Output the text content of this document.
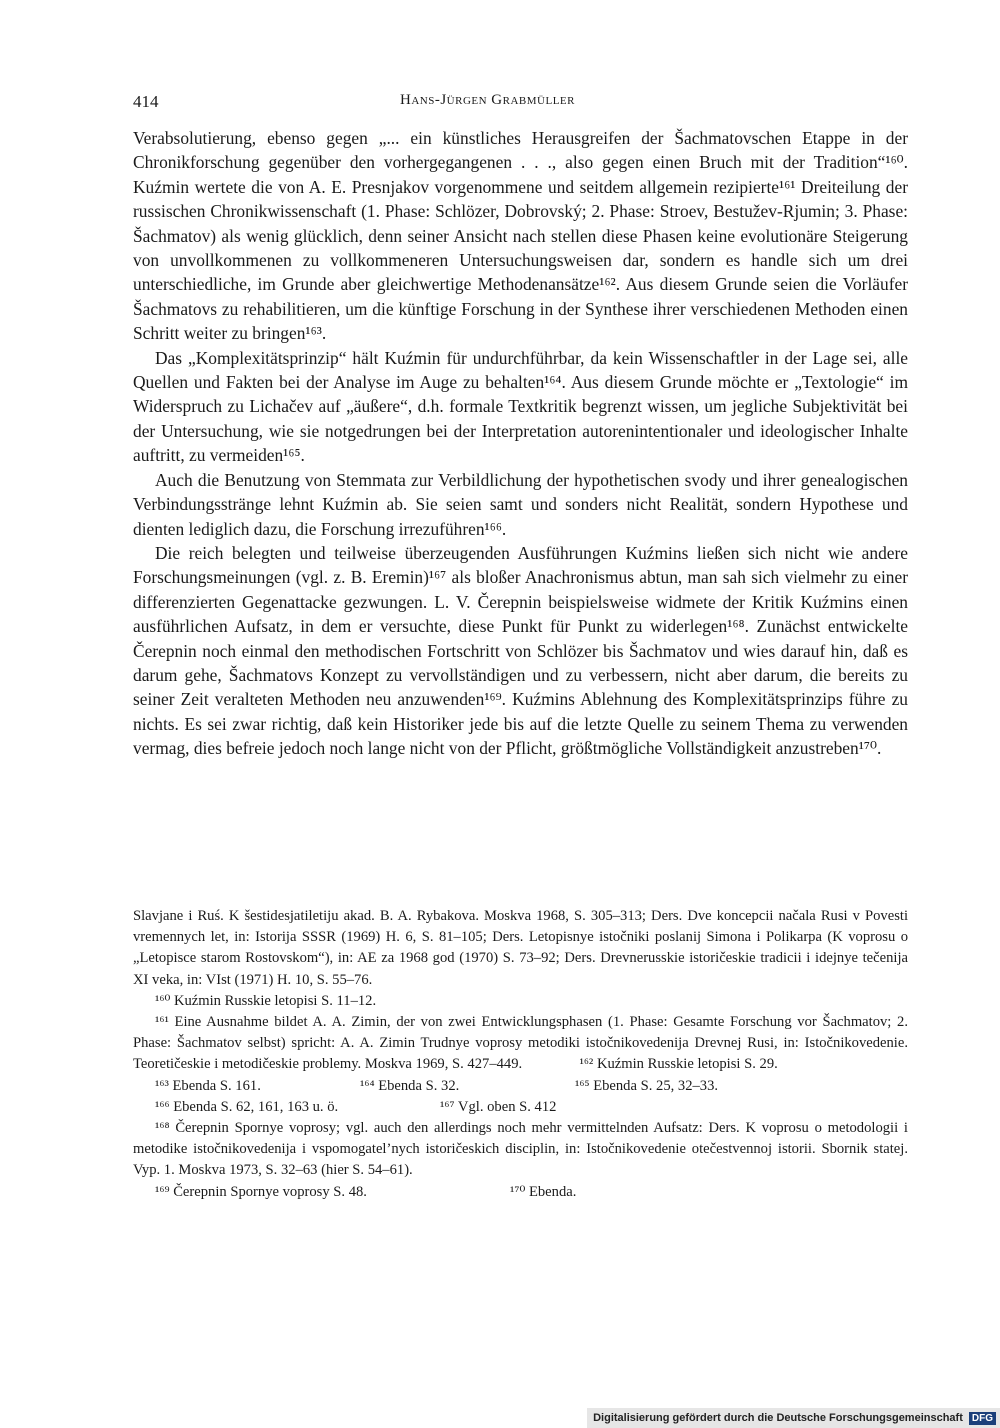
414	Hans-Jürgen Grabmüller

Verabsolutierung, ebenso gegen „... ein künstliches Herausgreifen der Šachmatovschen Etappe in der Chronikforschung gegenüber den vorhergegangenen . . ., also gegen einen Bruch mit der Tradition“¹⁶⁰. Kuźmin wertete die von A. E. Presnjakov vorgenommene und seitdem allgemein rezipierte¹⁶¹ Dreiteilung der russischen Chronikwissenschaft (1. Phase: Schlözer, Dobrovský; 2. Phase: Stroev, Bestužev-Rjumin; 3. Phase: Šachmatov) als wenig glücklich, denn seiner Ansicht nach stellen diese Phasen keine evolutionäre Steigerung von unvollkommenen zu vollkommeneren Untersuchungsweisen dar, sondern es handle sich um drei unterschiedliche, im Grunde aber gleichwertige Methodenansätze¹⁶². Aus diesem Grunde seien die Vorläufer Šachmatovs zu rehabilitieren, um die künftige Forschung in der Synthese ihrer verschiedenen Methoden einen Schritt weiter zu bringen¹⁶³.

Das „Komplexitätsprinzip“ hält Kuźmin für undurchführbar, da kein Wissenschaftler in der Lage sei, alle Quellen und Fakten bei der Analyse im Auge zu behalten¹⁶⁴. Aus diesem Grunde möchte er „Textologie“ im Widerspruch zu Lichačev auf „äußere“, d.h. formale Textkritik begrenzt wissen, um jegliche Subjektivität bei der Untersuchung, wie sie notgedrungen bei der Interpretation autorenintentionaler und ideologischer Inhalte auftritt, zu vermeiden¹⁶⁵.

Auch die Benutzung von Stemmata zur Verbildlichung der hypothetischen svody und ihrer genealogischen Verbindungsstränge lehnt Kuźmin ab. Sie seien samt und sonders nicht Realität, sondern Hypothese und dienten lediglich dazu, die Forschung irrezuführen¹⁶⁶.

Die reich belegten und teilweise überzeugenden Ausführungen Kuźmins ließen sich nicht wie andere Forschungsmeinungen (vgl. z. B. Eremin)¹⁶⁷ als bloßer Anachronismus abtun, man sah sich vielmehr zu einer differenzierten Gegenattacke gezwungen. L. V. Čerepnin beispielsweise widmete der Kritik Kuźmins einen ausführlichen Aufsatz, in dem er versuchte, diese Punkt für Punkt zu widerlegen¹⁶⁸. Zunächst entwickelte Čerepnin noch einmal den methodischen Fortschritt von Schlözer bis Šachmatov und wies darauf hin, daß es darum gehe, Šachmatovs Konzept zu vervollständigen und zu verbessern, nicht aber darum, die bereits zu seiner Zeit veralteten Methoden neu anzuwenden¹⁶⁹. Kuźmins Ablehnung des Komplexitätsprinzips führe zu nichts. Es sei zwar richtig, daß kein Historiker jede bis auf die letzte Quelle zu seinem Thema zu verwenden vermag, dies befreie jedoch noch lange nicht von der Pflicht, größtmögliche Vollständigkeit anzustreben¹⁷⁰.

Slavjane i Ruś. K šestidesjatiletiju akad. B. A. Rybakova. Moskva 1968, S. 305–313; Ders. Dve koncepcii načala Rusi v Povesti vremennych let, in: Istorija SSSR (1969) H. 6, S. 81–105; Ders. Letopisnye istočniki poslanij Simona i Polikarpa (K voprosu o „Letopisce starom Rostovskom“), in: AE za 1968 god (1970) S. 73–92; Ders. Drevnerusskie istoričeskie tradicii i idejnye tečenija XI veka, in: VIst (1971) H. 10, S. 55–76.

¹⁶⁰ Kuźmin Russkie letopisi S. 11–12.

¹⁶¹ Eine Ausnahme bildet A. A. Zimin, der von zwei Entwicklungsphasen (1. Phase: Gesamte Forschung vor Šachmatov; 2. Phase: Šachmatov selbst) spricht: A. A. Zimin Trudnye voprosy metodiki istočnikovedenija Drevnej Rusi, in: Istočnikovedenie. Teoretičeskie i metodičeskie problemy. Moskva 1969, S. 427–449.	¹⁶² Kuźmin Russkie letopisi S. 29.

¹⁶³ Ebenda S. 161.	¹⁶⁴ Ebenda S. 32.	¹⁶⁵ Ebenda S. 25, 32–33.
¹⁶⁶ Ebenda S. 62, 161, 163 u. ö.	¹⁶⁷ Vgl. oben S. 412

¹⁶⁸ Čerepnin Spornye voprosy; vgl. auch den allerdings noch mehr vermittelnden Aufsatz: Ders. K voprosu o metodologii i metodike istočnikovedenija i vspomogatel’nych istoričeskich disciplin, in: Istočnikovedenie otečestvennoj istorii. Sbornik statej. Vyp. 1. Moskva 1973, S. 32–63 (hier S. 54–61).

¹⁶⁹ Čerepnin Spornye voprosy S. 48.	¹⁷⁰ Ebenda.
Digitalisierung gefördert durch die Deutsche Forschungsgemeinschaft DFG
